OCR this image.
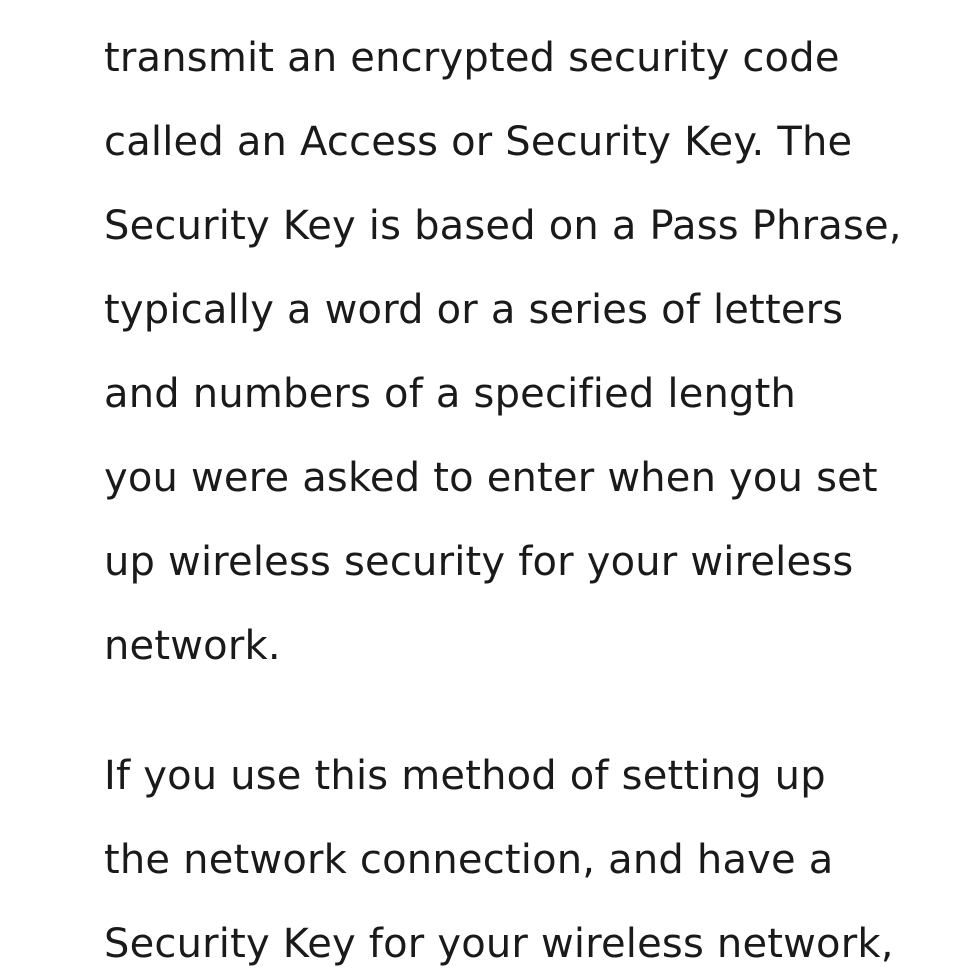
transmit an encrypted security code

called an Access or Security Key. The

Security Key is based on a Pass Phrase,

typically a word or a series of letters

and numbers of a specified length

you were asked to enter when you set

up wireless security for your wireless

network.

If you use this method of setting up

the network connection, and have a

Security Key for your wireless network,
